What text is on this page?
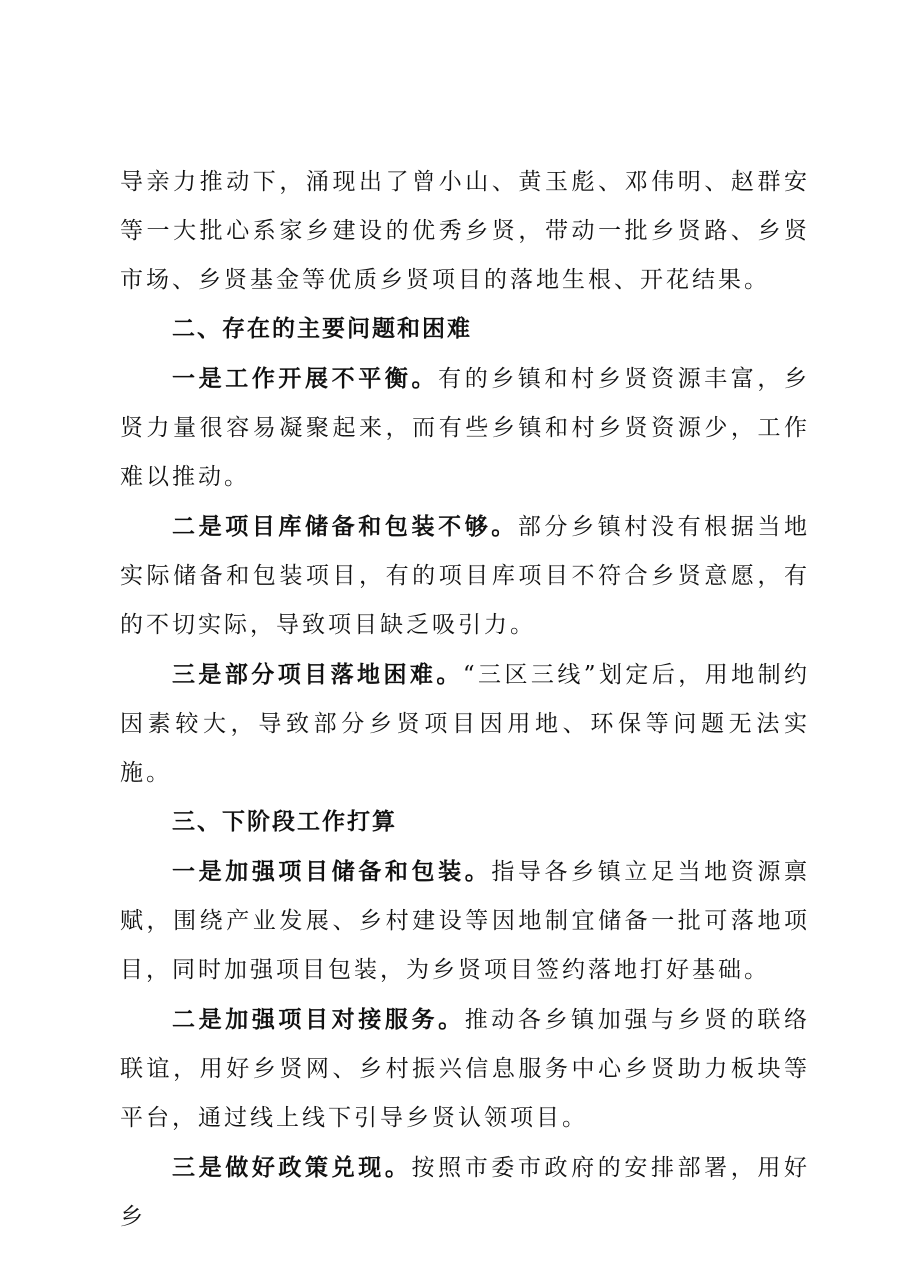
导亲力推动下，涌现出了曾小山、黄玉彪、邓伟明、赵群安等一大批心系家乡建设的优秀乡贤，带动一批乡贤路、乡贤市场、乡贤基金等优质乡贤项目的落地生根、开花结果。

二、存在的主要问题和困难

一是工作开展不平衡。有的乡镇和村乡贤资源丰富，乡贤力量很容易凝聚起来，而有些乡镇和村乡贤资源少，工作难以推动。

二是项目库储备和包装不够。部分乡镇村没有根据当地实际储备和包装项目，有的项目库项目不符合乡贤意愿，有的不切实际，导致项目缺乏吸引力。

三是部分项目落地困难。“三区三线”划定后，用地制约因素较大，导致部分乡贤项目因用地、环保等问题无法实施。

三、下阶段工作打算

一是加强项目储备和包装。指导各乡镇立足当地资源禀赋，围绕产业发展、乡村建设等因地制宜储备一批可落地项目，同时加强项目包装，为乡贤项目签约落地打好基础。

二是加强项目对接服务。推动各乡镇加强与乡贤的联络联谊，用好乡贤网、乡村振兴信息服务中心乡贤助力板块等平台，通过线上线下引导乡贤认领项目。

三是做好政策兑现。按照市委市政府的安排部署，用好乡
